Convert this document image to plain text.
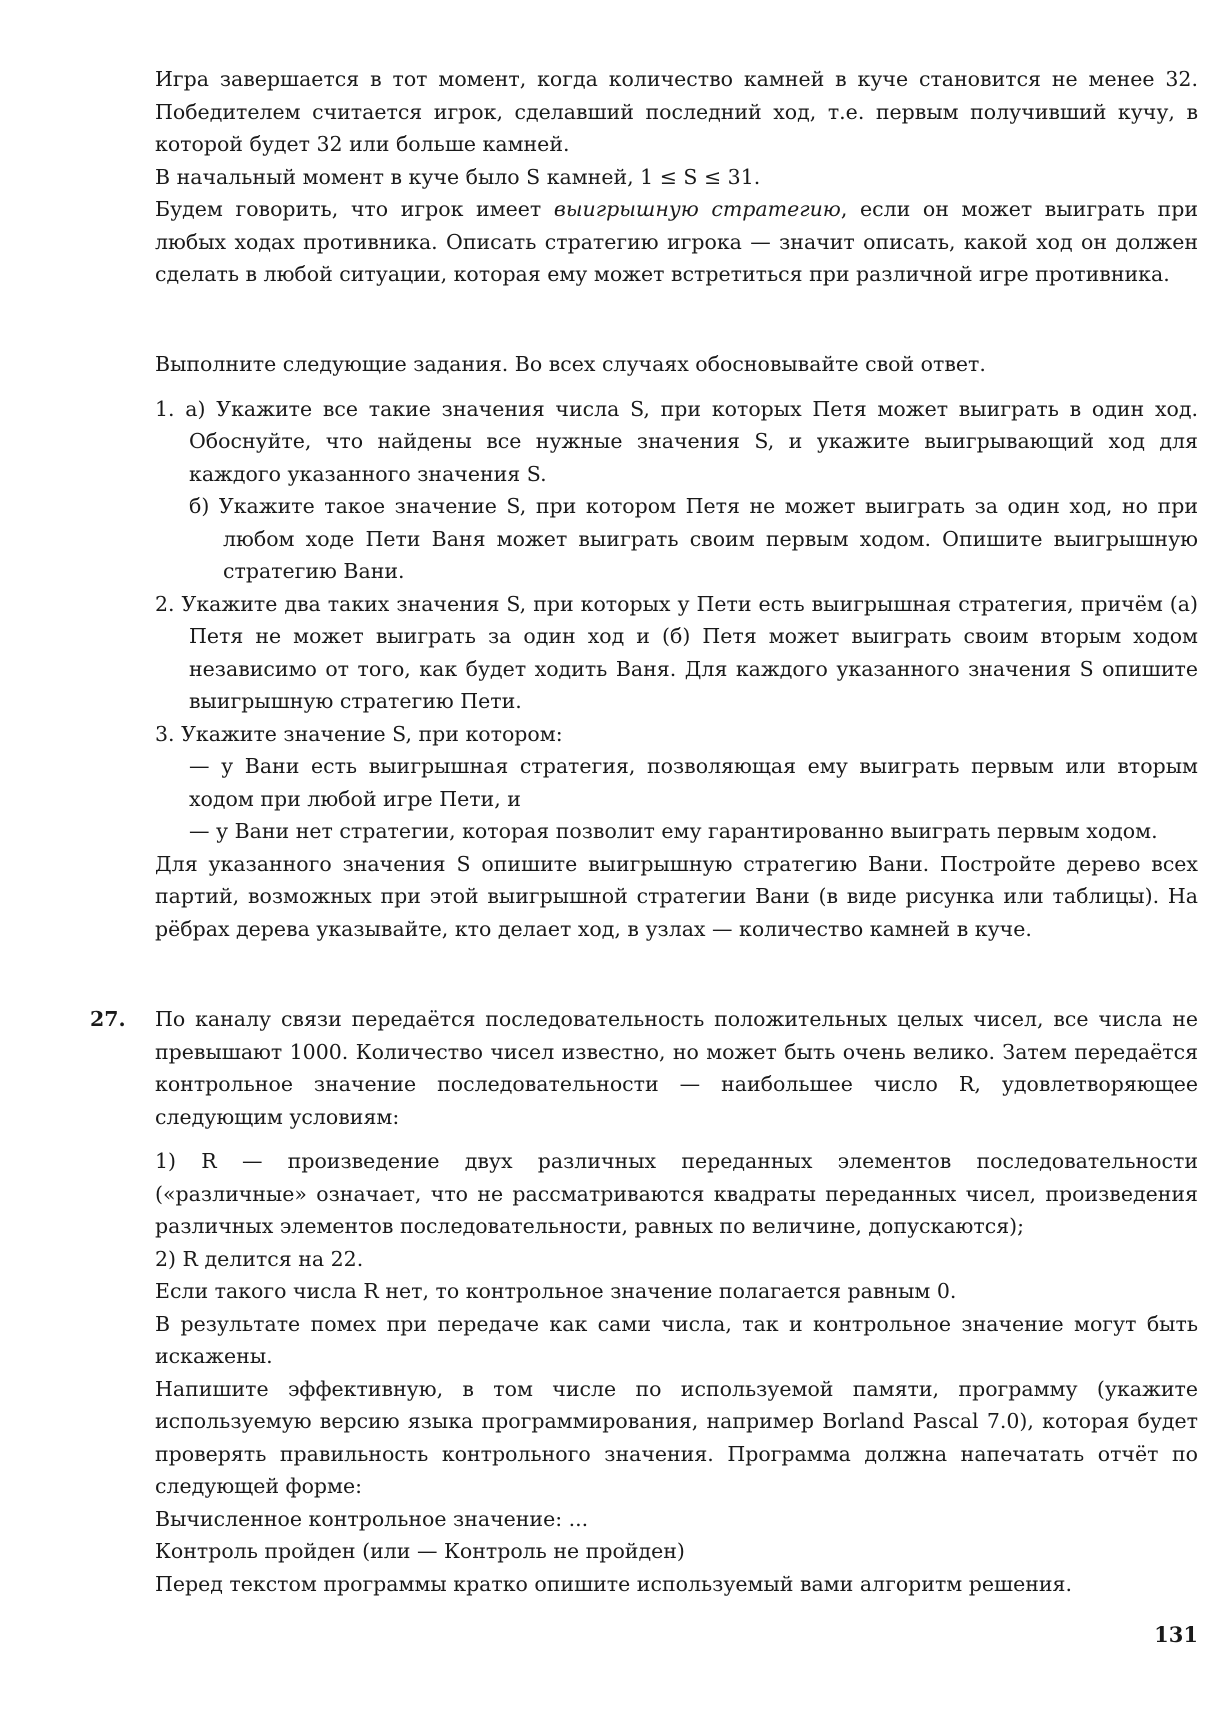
Игра завершается в тот момент, когда количество камней в куче становится не менее 32.

Победителем считается игрок, сделавший последний ход, т.е. первым получивший кучу, в

которой будет 32 или больше камней.

В начальный момент в куче было S камней, 1 ≤ S ≤ 31.

Будем говорить, что игрок имеет выигрышную стратегию, если он может выиграть при любых ходах противника. Описать стратегию игрока — значит описать, какой ход он должен сделать в любой ситуации, которая ему может встретиться при различной игре противника.

Выполните следующие задания. Во всех случаях обосновывайте свой ответ.

1. а) Укажите все такие значения числа S, при которых Петя может выиграть в один ход. Обоснуйте, что найдены все нужные значения S, и укажите выигрывающий ход для каждого указанного значения S.

б) Укажите такое значение S, при котором Петя не может выиграть за один ход, но при любом ходе Пети Ваня может выиграть своим первым ходом. Опишите выигрышную стратегию Вани.

2. Укажите два таких значения S, при которых у Пети есть выигрышная стратегия, причём (а) Петя не может выиграть за один ход и (б) Петя может выиграть своим вторым ходом независимо от того, как будет ходить Ваня. Для каждого указанного значения S опишите выигрышную стратегию Пети.

3. Укажите значение S, при котором:

— у Вани есть выигрышная стратегия, позволяющая ему выиграть первым или вторым ходом при любой игре Пети, и

— у Вани нет стратегии, которая позволит ему гарантированно выиграть первым ходом.

Для указанного значения S опишите выигрышную стратегию Вани. Постройте дерево всех партий, возможных при этой выигрышной стратегии Вани (в виде рисунка или таблицы). На рёбрах дерева указывайте, кто делает ход, в узлах — количество камней в куче.

27. По каналу связи передаётся последовательность положительных целых чисел, все числа не превышают 1000. Количество чисел известно, но может быть очень велико. Затем передаётся контрольное значение последовательности — наибольшее число R, удовлетворяющее следующим условиям:

1) R — произведение двух различных переданных элементов последовательности («различные» означает, что не рассматриваются квадраты переданных чисел, произведения различных элементов последовательности, равных по величине, допускаются);

2) R делится на 22.

Если такого числа R нет, то контрольное значение полагается равным 0.

В результате помех при передаче как сами числа, так и контрольное значение могут быть искажены.

Напишите эффективную, в том числе по используемой памяти, программу (укажите используемую версию языка программирования, например Borland Pascal 7.0), которая будет проверять правильность контрольного значения. Программа должна напечатать отчёт по следующей форме:

Вычисленное контрольное значение: ...

Контроль пройден (или — Контроль не пройден)

Перед текстом программы кратко опишите используемый вами алгоритм решения.

131
